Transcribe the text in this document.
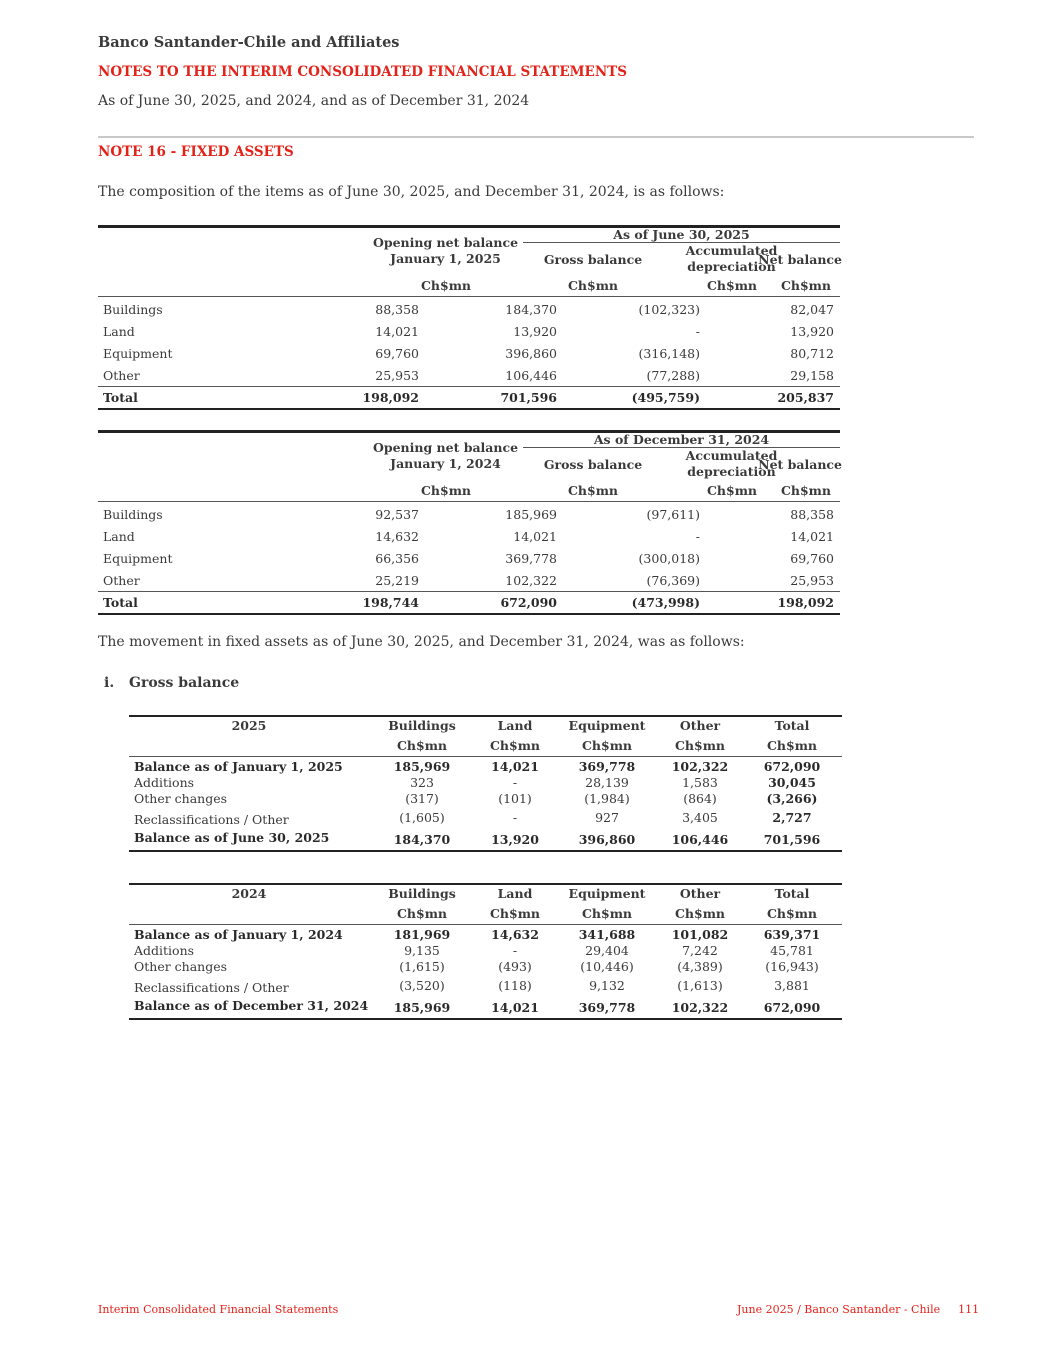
Banco Santander-Chile and Affiliates
NOTES TO THE INTERIM CONSOLIDATED FINANCIAL STATEMENTS
As of June 30, 2025, and 2024, and as of December 31, 2024
NOTE 16 - FIXED ASSETS
The composition of the items as of June 30, 2025, and December 31, 2024, is as follows:
As of June 30, 2025
Opening net balance
January 1, 2025	Gross balance
Accumulated
depreciation
Net balance
Ch$mn	Ch$mn	Ch$mn	Ch$mn
Buildings	88,358	184,370	(102,323)	82,047
Land	14,021	13,920	-	13,920
Equipment	69,760	396,860	(316,148)	80,712
Other	25,953	106,446	(77,288)	29,158
Total	198,092	701,596	(495,759)	205,837
As of December 31, 2024
Opening net balance
January 1, 2024	Gross balance
Accumulated
depreciation
Net balance
Ch$mn	Ch$mn	Ch$mn	Ch$mn
Buildings	92,537	185,969	(97,611)	88,358
Land	14,632	14,021	-	14,021
Equipment	66,356	369,778	(300,018)	69,760
Other	25,219	102,322	(76,369)	25,953
Total	198,744	672,090	(473,998)	198,092
The movement in fixed assets as of June 30, 2025, and December 31, 2024, was as follows:
i. Gross balance
2025	Buildings	Land	Equipment	Other	Total
Ch$mn	Ch$mn	Ch$mn	Ch$mn	Ch$mn
Balance as of January 1, 2025	185,969	14,021	369,778	102,322	672,090
Additions	323	-	28,139	1,583	30,045
Other changes	(317)	(101)	(1,984)	(864)	(3,266)
Reclassifications / Other	(1,605)	-	927	3,405	2,727
Balance as of June 30, 2025	184,370	13,920	396,860	106,446	701,596
2024	Buildings	Land	Equipment	Other	Total
Ch$mn	Ch$mn	Ch$mn	Ch$mn	Ch$mn
Balance as of January 1, 2024	181,969	14,632	341,688	101,082	639,371
Additions	9,135	-	29,404	7,242	45,781
Other changes	(1,615)	(493)	(10,446)	(4,389)	(16,943)
Reclassifications / Other	(3,520)	(118)	9,132	(1,613)	3,881
Balance as of December 31, 2024	185,969	14,021	369,778	102,322	672,090
Interim Consolidated Financial Statements	June 2025 / Banco Santander - Chile 111
